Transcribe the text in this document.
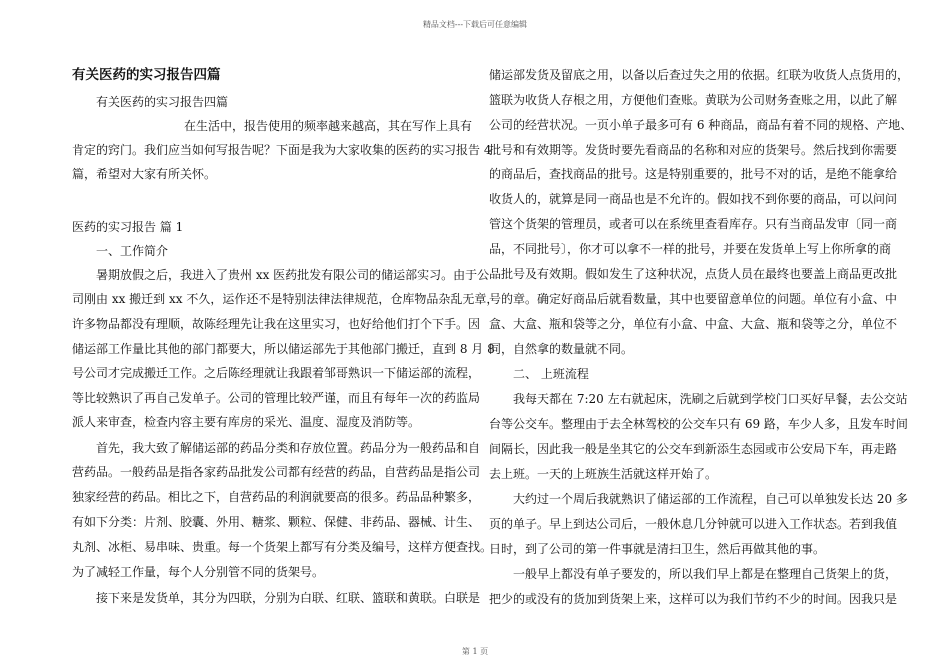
精品文档---下载后可任意编辑
有关医药的实习报告四篇
有关医药的实习报告四篇
在生活中，报告使用的频率越来越高，其在写作上具有
肯定的窍门。我们应当如何写报告呢？下面是我为大家收集的医药的实习报告 4
篇，希望对大家有所关怀。
医药的实习报告 篇 1
一、工作简介
暑期放假之后，我进入了贵州 xx 医药批发有限公司的储运部实习。由于公
司刚由 xx 搬迁到 xx 不久，运作还不是特别法律法律规范，仓库物品杂乱无章，
许多物品都没有理顺，故陈经理先让我在这里实习，也好给他们打个下手。因
储运部工作量比其他的部门都要大，所以储运部先于其他部门搬迁，直到 8 月 8
号公司才完成搬迁工作。之后陈经理就让我跟着邹哥熟识一下储运部的流程，
等比较熟识了再自己发单子。公司的管理比较严谨，而且有每年一次的药监局
派人来审查，检查内容主要有库房的采光、温度、湿度及消防等。
首先，我大致了解储运部的药品分类和存放位置。药品分为一般药品和自
营药品。一般药品是指各家药品批发公司都有经营的药品，自营药品是指公司
独家经营的药品。相比之下，自营药品的利润就要高的很多。药品品种繁多，
有如下分类：片剂、胶囊、外用、糖浆、颗粒、保健、非药品、器械、计生、
丸剂、冰柜、易串味、贵重。每一个货架上都写有分类及编号，这样方便查找。
为了减轻工作量，每个人分别管不同的货架号。
接下来是发货单，其分为四联，分别为白联、红联、篮联和黄联。白联是
储运部发货及留底之用，以备以后查过失之用的依据。红联为收货人点货用的，
篮联为收货人存根之用，方便他们查账。黄联为公司财务查账之用，以此了解
公司的经营状况。一页小单子最多可有 6 种商品，商品有着不同的规格、产地、
批号和有效期等。发货时要先看商品的名称和对应的货架号。然后找到你需要
的商品后，查找商品的批号。这是特别重要的，批号不对的话，是绝不能拿给
收货人的，就算是同一商品也是不允许的。假如找不到你要的商品，可以问问
管这个货架的管理员，或者可以在系统里查看库存。只有当商品发审〔同一商
品，不同批号〕，你才可以拿不一样的批号，并要在发货单上写上你所拿的商
品批号及有效期。假如发生了这种状况，点货人员在最终也要盖上商品更改批
号的章。确定好商品后就看数量，其中也要留意单位的问题。单位有小盒、中
盒、大盒、瓶和袋等之分，单位有小盒、中盒、大盒、瓶和袋等之分，单位不
同，自然拿的数量就不同。
二、 上班流程
我每天都在 7:20 左右就起床，洗刷之后就到学校门口买好早餐，去公交站
台等公交车。整理由于去全林驾校的公交车只有 69 路，车少人多，且发车时间
间隔长，因此我一般是坐其它的公交车到新添生态园或市公安局下车，再走路
去上班。一天的上班族生活就这样开始了。
大约过一个周后我就熟识了储运部的工作流程，自己可以单独发长达 20 多
页的单子。早上到达公司后，一般休息几分钟就可以进入工作状态。若到我值
日时，到了公司的第一件事就是清扫卫生，然后再做其他的事。
一般早上都没有单子要发的，所以我们早上都是在整理自己货架上的货，
把少的或没有的货加到货架上来，这样可以为我们节约不少的时间。因我只是
第 1 页
